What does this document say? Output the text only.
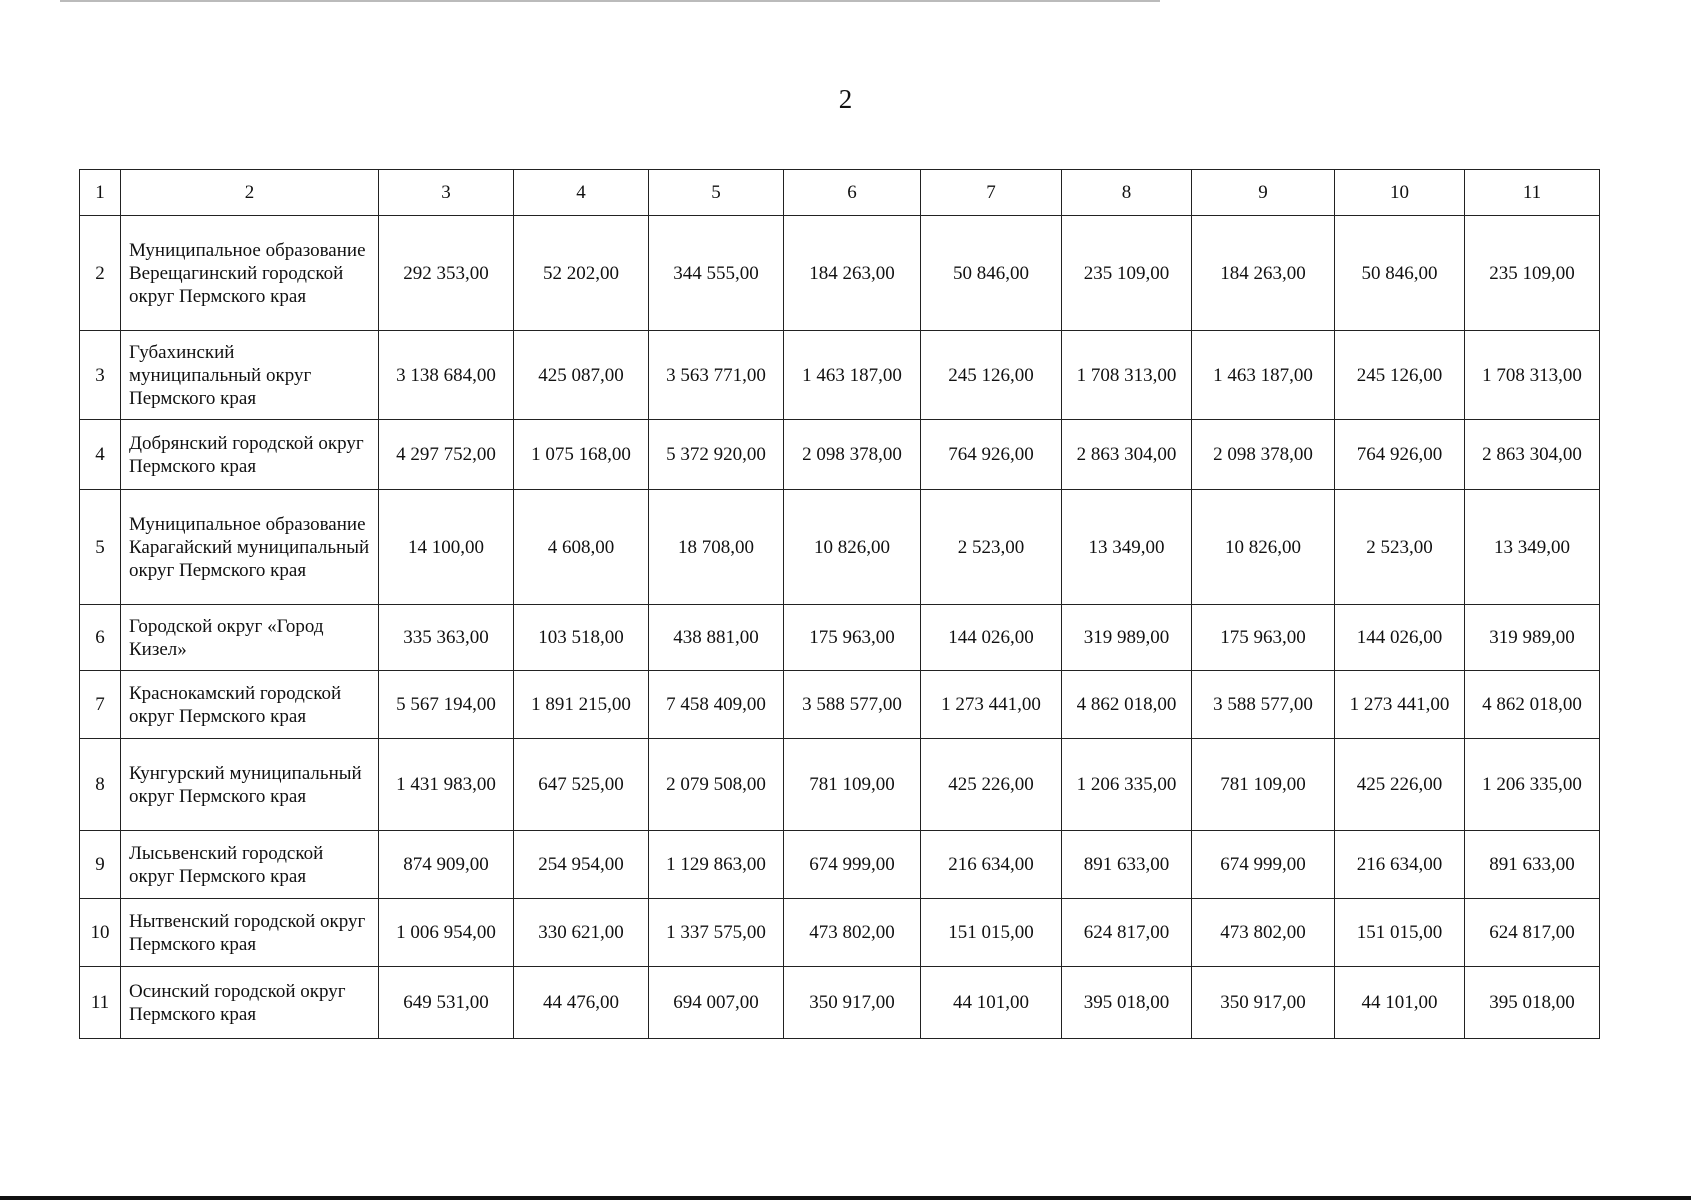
2
1	2	3	4	5	6	7	8	9	10	11
2	Муниципальное образование Верещагинский городской округ Пермского края	292 353,00	52 202,00	344 555,00	184 263,00	50 846,00	235 109,00	184 263,00	50 846,00	235 109,00
3	Губахинский муниципальный округ Пермского края	3 138 684,00	425 087,00	3 563 771,00	1 463 187,00	245 126,00	1 708 313,00	1 463 187,00	245 126,00	1 708 313,00
4	Добрянский городской округ Пермского края	4 297 752,00	1 075 168,00	5 372 920,00	2 098 378,00	764 926,00	2 863 304,00	2 098 378,00	764 926,00	2 863 304,00
5	Муниципальное образование Карагайский муниципальный округ Пермского края	14 100,00	4 608,00	18 708,00	10 826,00	2 523,00	13 349,00	10 826,00	2 523,00	13 349,00
6	Городской округ «Город Кизел»	335 363,00	103 518,00	438 881,00	175 963,00	144 026,00	319 989,00	175 963,00	144 026,00	319 989,00
7	Краснокамский городской округ Пермского края	5 567 194,00	1 891 215,00	7 458 409,00	3 588 577,00	1 273 441,00	4 862 018,00	3 588 577,00	1 273 441,00	4 862 018,00
8	Кунгурский муниципальный округ Пермского края	1 431 983,00	647 525,00	2 079 508,00	781 109,00	425 226,00	1 206 335,00	781 109,00	425 226,00	1 206 335,00
9	Лысьвенский городской округ Пермского края	874 909,00	254 954,00	1 129 863,00	674 999,00	216 634,00	891 633,00	674 999,00	216 634,00	891 633,00
10	Нытвенский городской округ Пермского края	1 006 954,00	330 621,00	1 337 575,00	473 802,00	151 015,00	624 817,00	473 802,00	151 015,00	624 817,00
11	Осинский городской округ Пермского края	649 531,00	44 476,00	694 007,00	350 917,00	44 101,00	395 018,00	350 917,00	44 101,00	395 018,00
